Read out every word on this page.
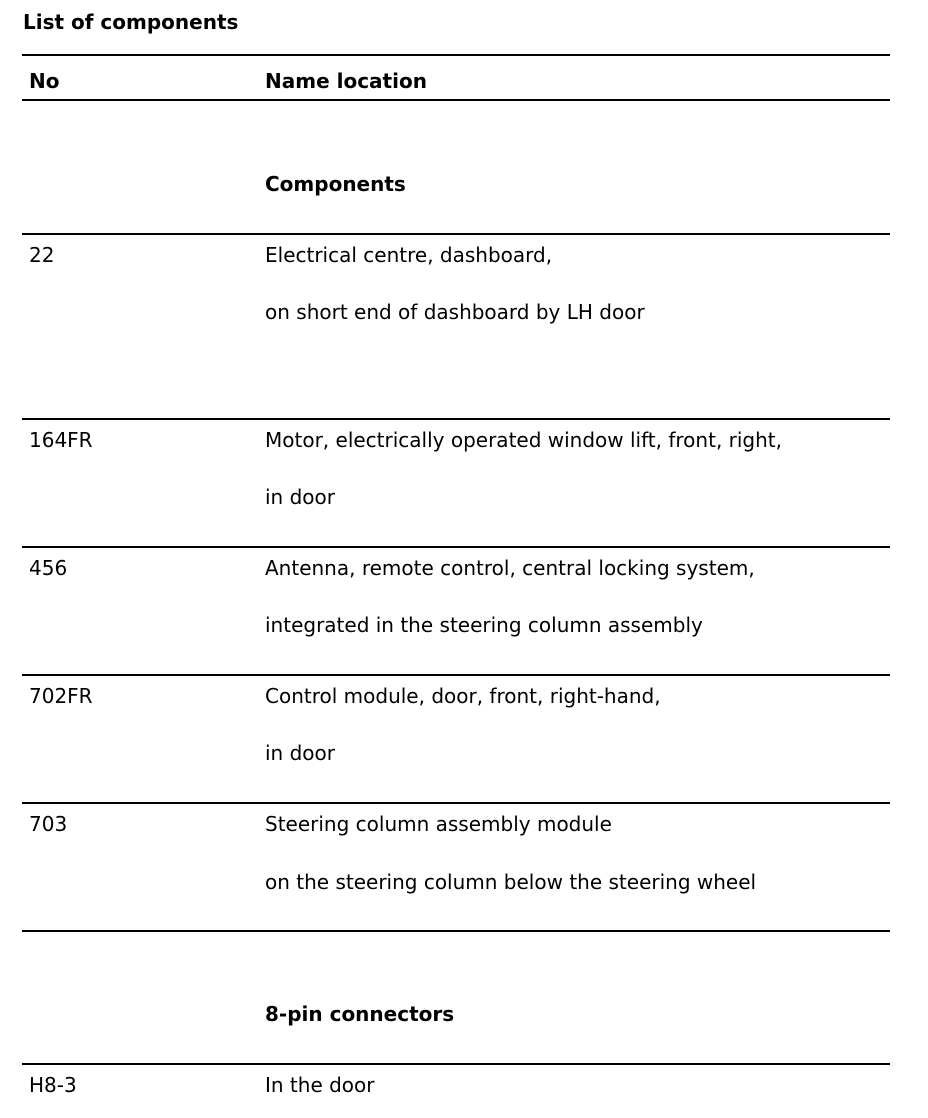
List of components
No	Name location
Components
22	Electrical centre, dashboard,
on short end of dashboard by LH door
164FR	Motor, electrically operated window lift, front, right,
in door
456	Antenna, remote control, central locking system,
integrated in the steering column assembly
702FR	Control module, door, front, right-hand,
in door
703	Steering column assembly module
on the steering column below the steering wheel
8-pin connectors
H8-3	In the door
